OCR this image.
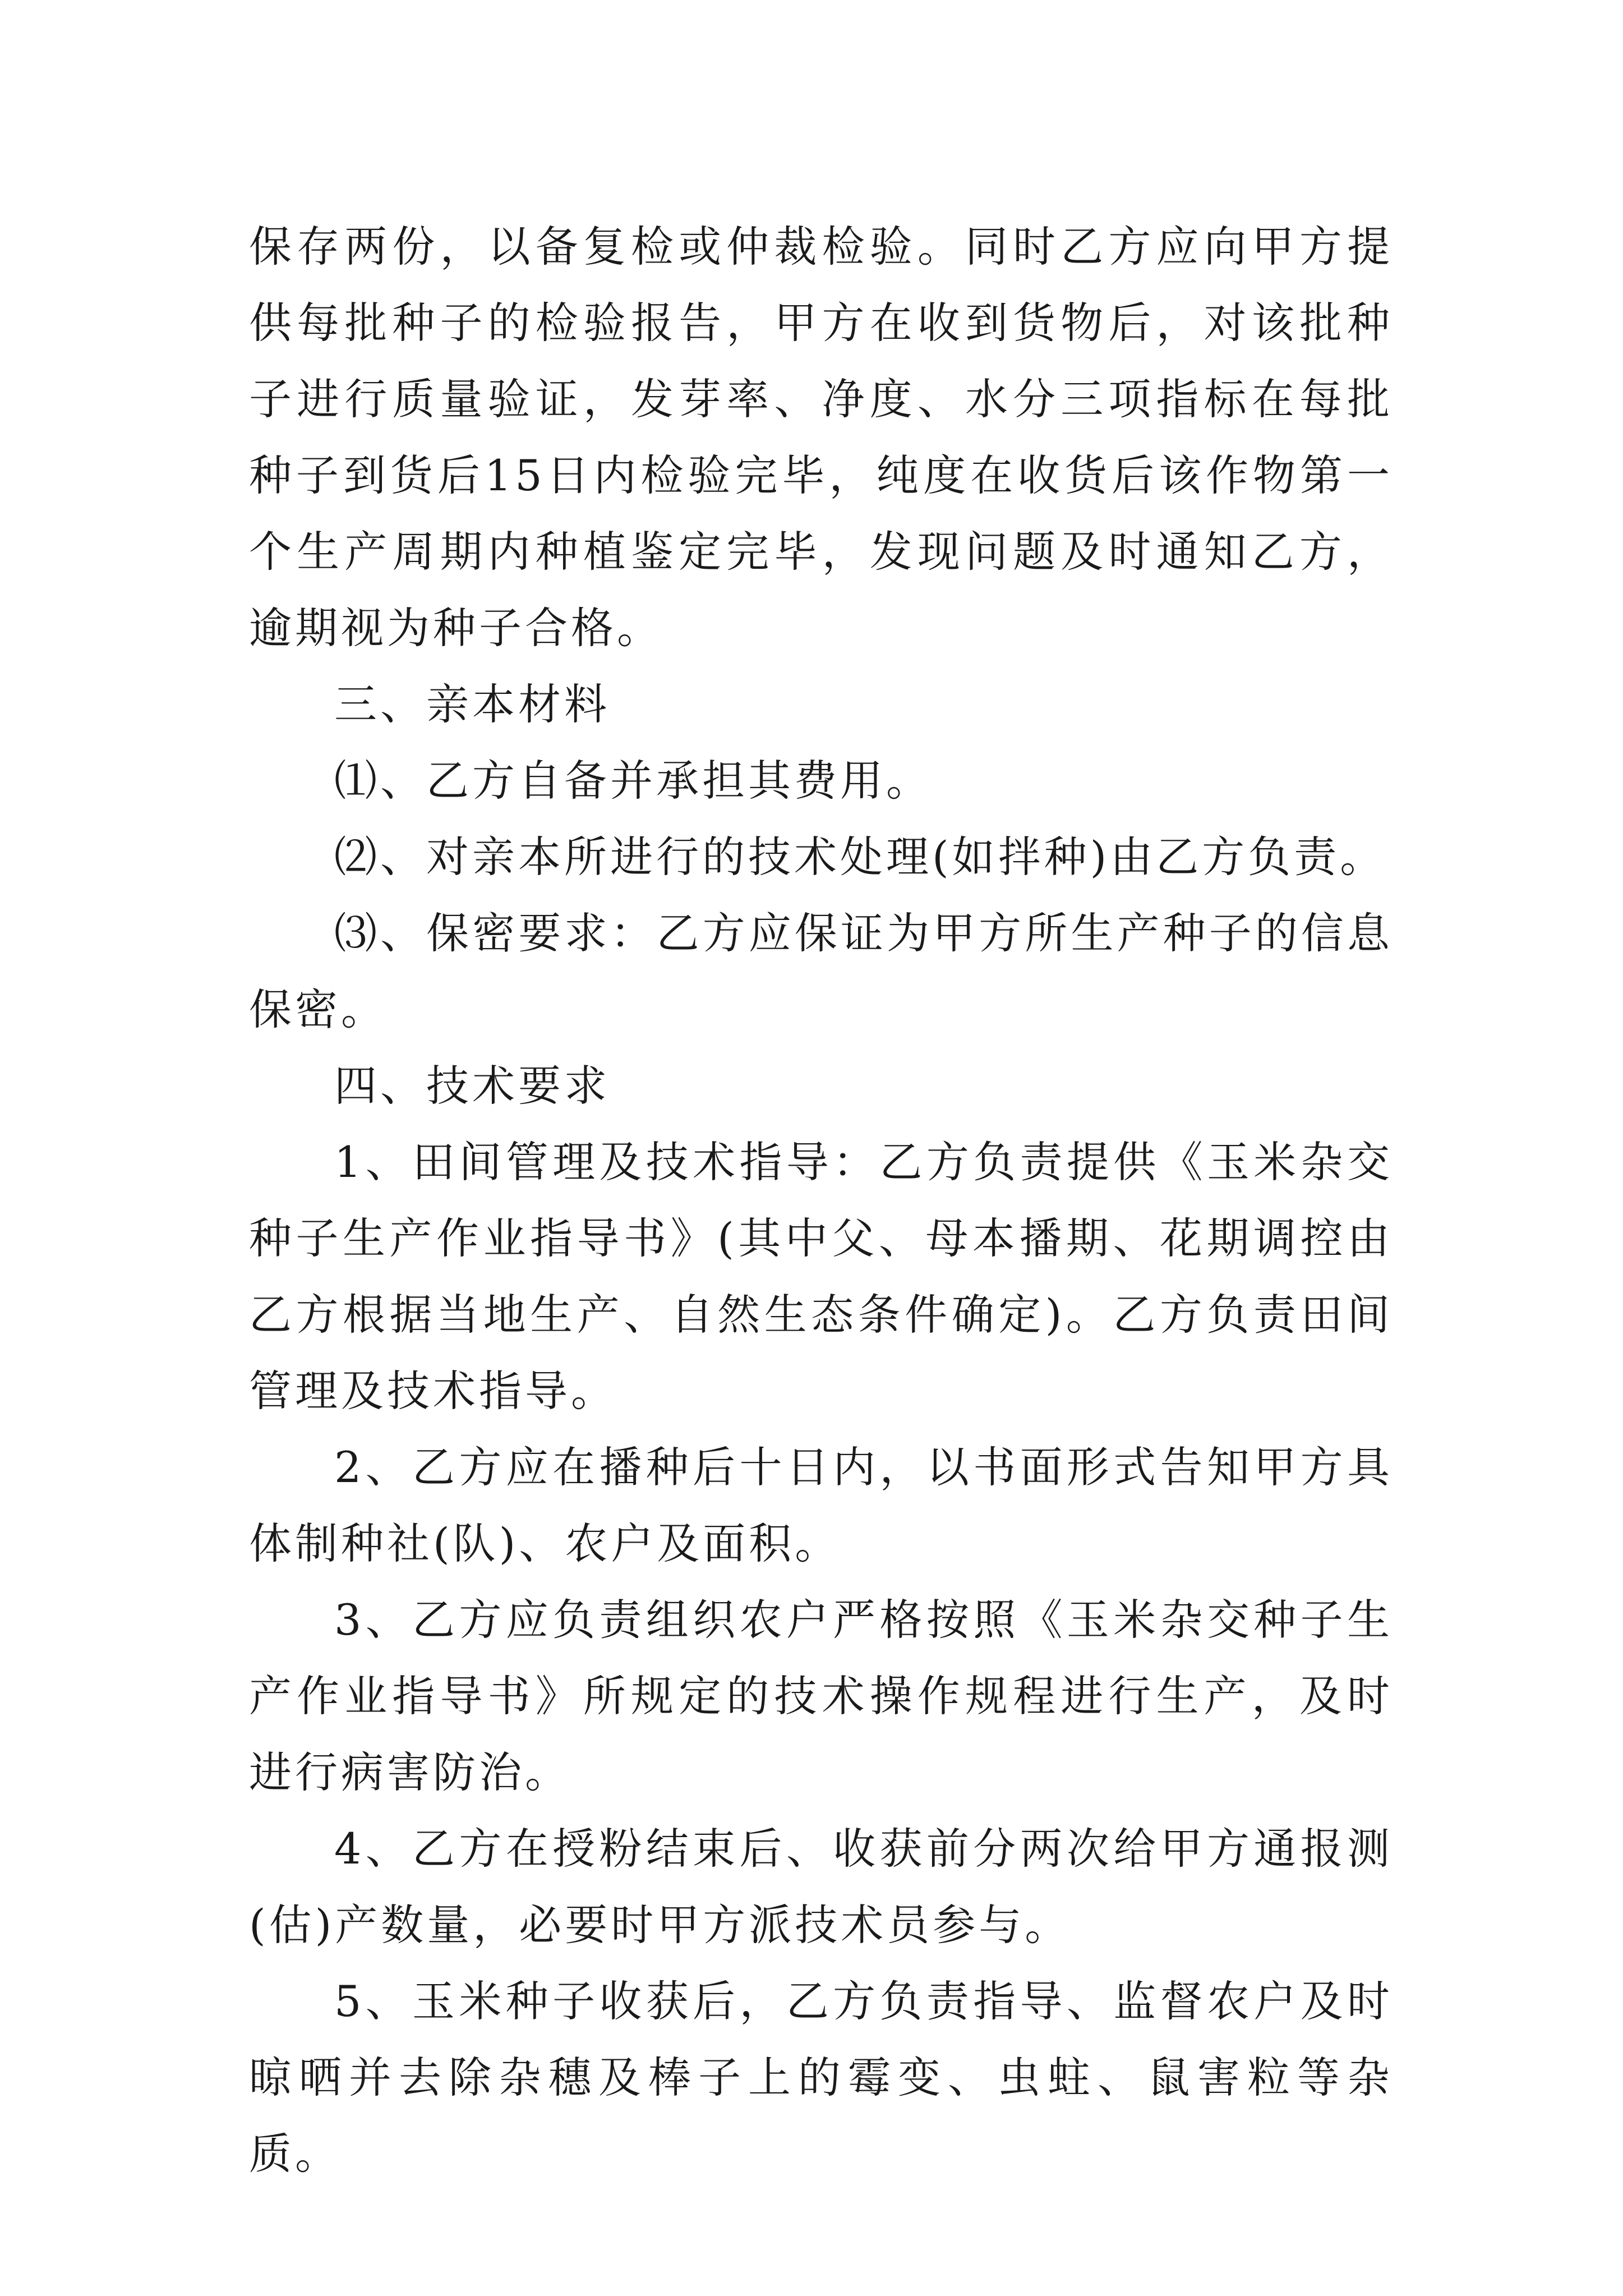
保存两份，以备复检或仲裁检验。同时乙方应向甲方提供每批种子的检验报告，甲方在收到货物后，对该批种子进行质量验证，发芽率、净度、水分三项指标在每批种子到货后15日内检验完毕，纯度在收货后该作物第一个生产周期内种植鉴定完毕，发现问题及时通知乙方，逾期视为种子合格。

三、亲本材料

⑴、乙方自备并承担其费用。

⑵、对亲本所进行的技术处理(如拌种)由乙方负责。

⑶、保密要求：乙方应保证为甲方所生产种子的信息保密。

四、技术要求

1、田间管理及技术指导：乙方负责提供《玉米杂交种子生产作业指导书》(其中父、母本播期、花期调控由乙方根据当地生产、自然生态条件确定)。乙方负责田间管理及技术指导。

2、乙方应在播种后十日内，以书面形式告知甲方具体制种社(队)、农户及面积。

3、乙方应负责组织农户严格按照《玉米杂交种子生产作业指导书》所规定的技术操作规程进行生产，及时进行病害防治。

4、乙方在授粉结束后、收获前分两次给甲方通报测(估)产数量，必要时甲方派技术员参与。

5、玉米种子收获后，乙方负责指导、监督农户及时晾晒并去除杂穗及棒子上的霉变、虫蛀、鼠害粒等杂质。
